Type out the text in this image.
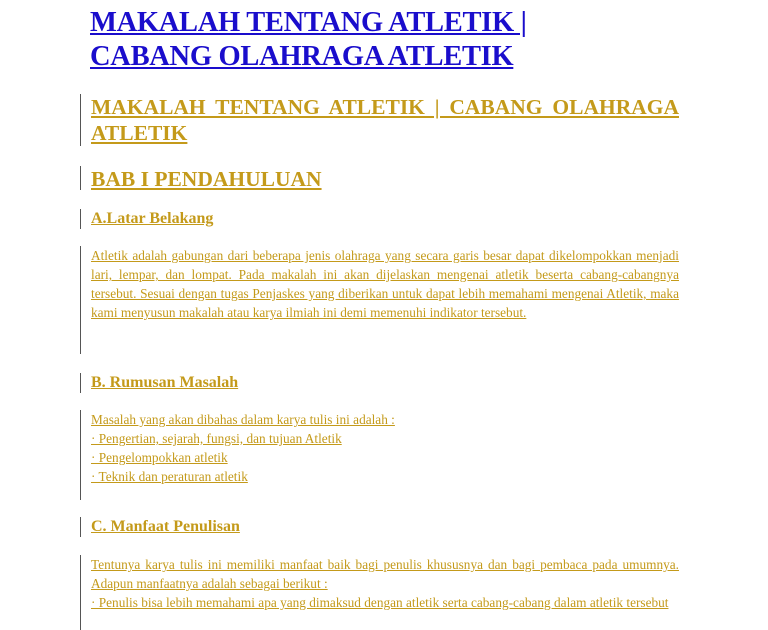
MAKALAH TENTANG ATLETIK | CABANG OLAHRAGA ATLETIK
MAKALAH TENTANG ATLETIK | CABANG OLAHRAGA ATLETIK
BAB I PENDAHULUAN
A.Latar Belakang
Atletik adalah gabungan dari beberapa jenis olahraga yang secara garis besar dapat dikelompokkan menjadi lari, lempar, dan lompat. Pada makalah ini akan dijelaskan mengenai atletik beserta cabang-cabangnya tersebut. Sesuai dengan tugas Penjaskes yang diberikan untuk dapat lebih memahami mengenai Atletik, maka kami menyusun makalah atau karya ilmiah ini demi memenuhi indikator tersebut.
B. Rumusan Masalah
Masalah yang akan dibahas dalam karya tulis ini adalah :
· Pengertian, sejarah, fungsi, dan tujuan Atletik
· Pengelompokkan atletik
· Teknik dan peraturan atletik
C. Manfaat Penulisan
Tentunya karya tulis ini memiliki manfaat baik bagi penulis khususnya dan bagi pembaca pada umumnya. Adapun manfaatnya adalah sebagai berikut :
· Penulis bisa lebih memahami apa yang dimaksud dengan atletik serta cabang-cabang dalam atletik tersebut
